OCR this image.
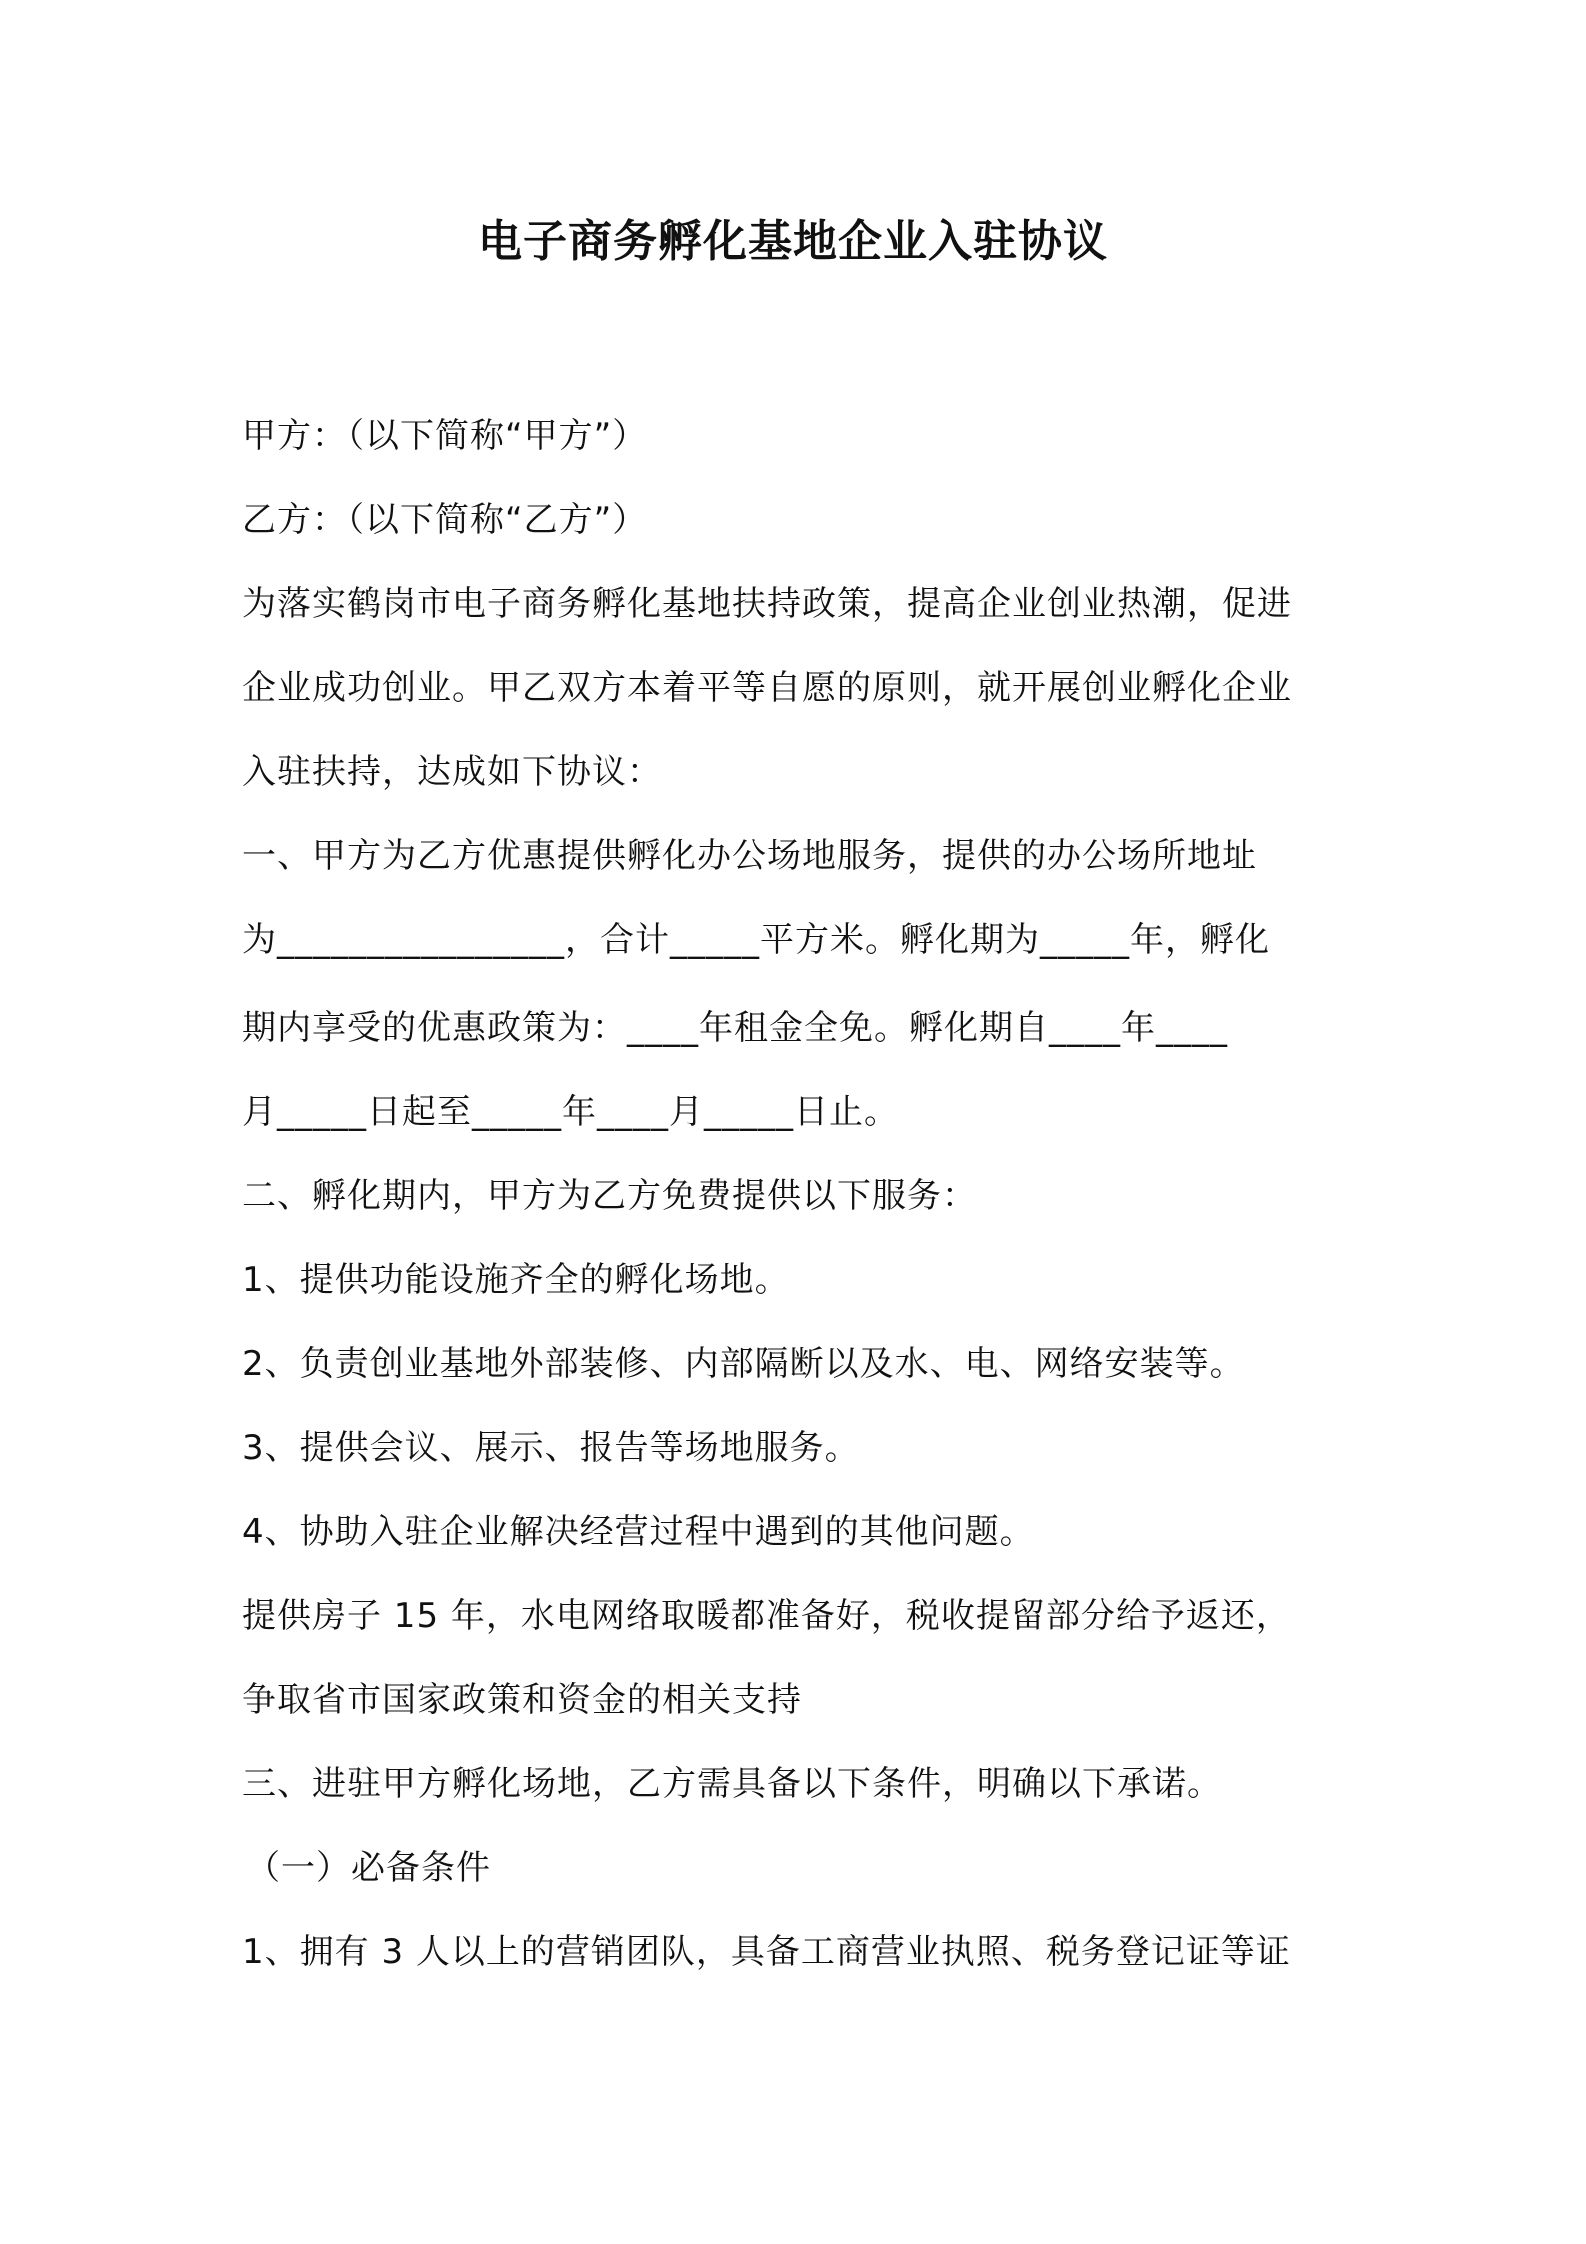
电子商务孵化基地企业入驻协议
甲方：（以下简称“甲方”）
乙方：（以下简称“乙方”）
为落实鹤岗市电子商务孵化基地扶持政策，提高企业创业热潮，促进
企业成功创业。甲乙双方本着平等自愿的原则，就开展创业孵化企业
入驻扶持，达成如下协议：
一、甲方为乙方优惠提供孵化办公场地服务，提供的办公场所地址
为________________，合计_____平方米。孵化期为_____年，孵化
期内享受的优惠政策为：____年租金全免。孵化期自____年____
月_____日起至_____年____月_____日止。
二、孵化期内，甲方为乙方免费提供以下服务：
1、提供功能设施齐全的孵化场地。
2、负责创业基地外部装修、内部隔断以及水、电、网络安装等。
3、提供会议、展示、报告等场地服务。
4、协助入驻企业解决经营过程中遇到的其他问题。
提供房子 15 年，水电网络取暖都准备好，税收提留部分给予返还，
争取省市国家政策和资金的相关支持
三、进驻甲方孵化场地，乙方需具备以下条件，明确以下承诺。
（一）必备条件
1、拥有 3 人以上的营销团队，具备工商营业执照、税务登记证等证
